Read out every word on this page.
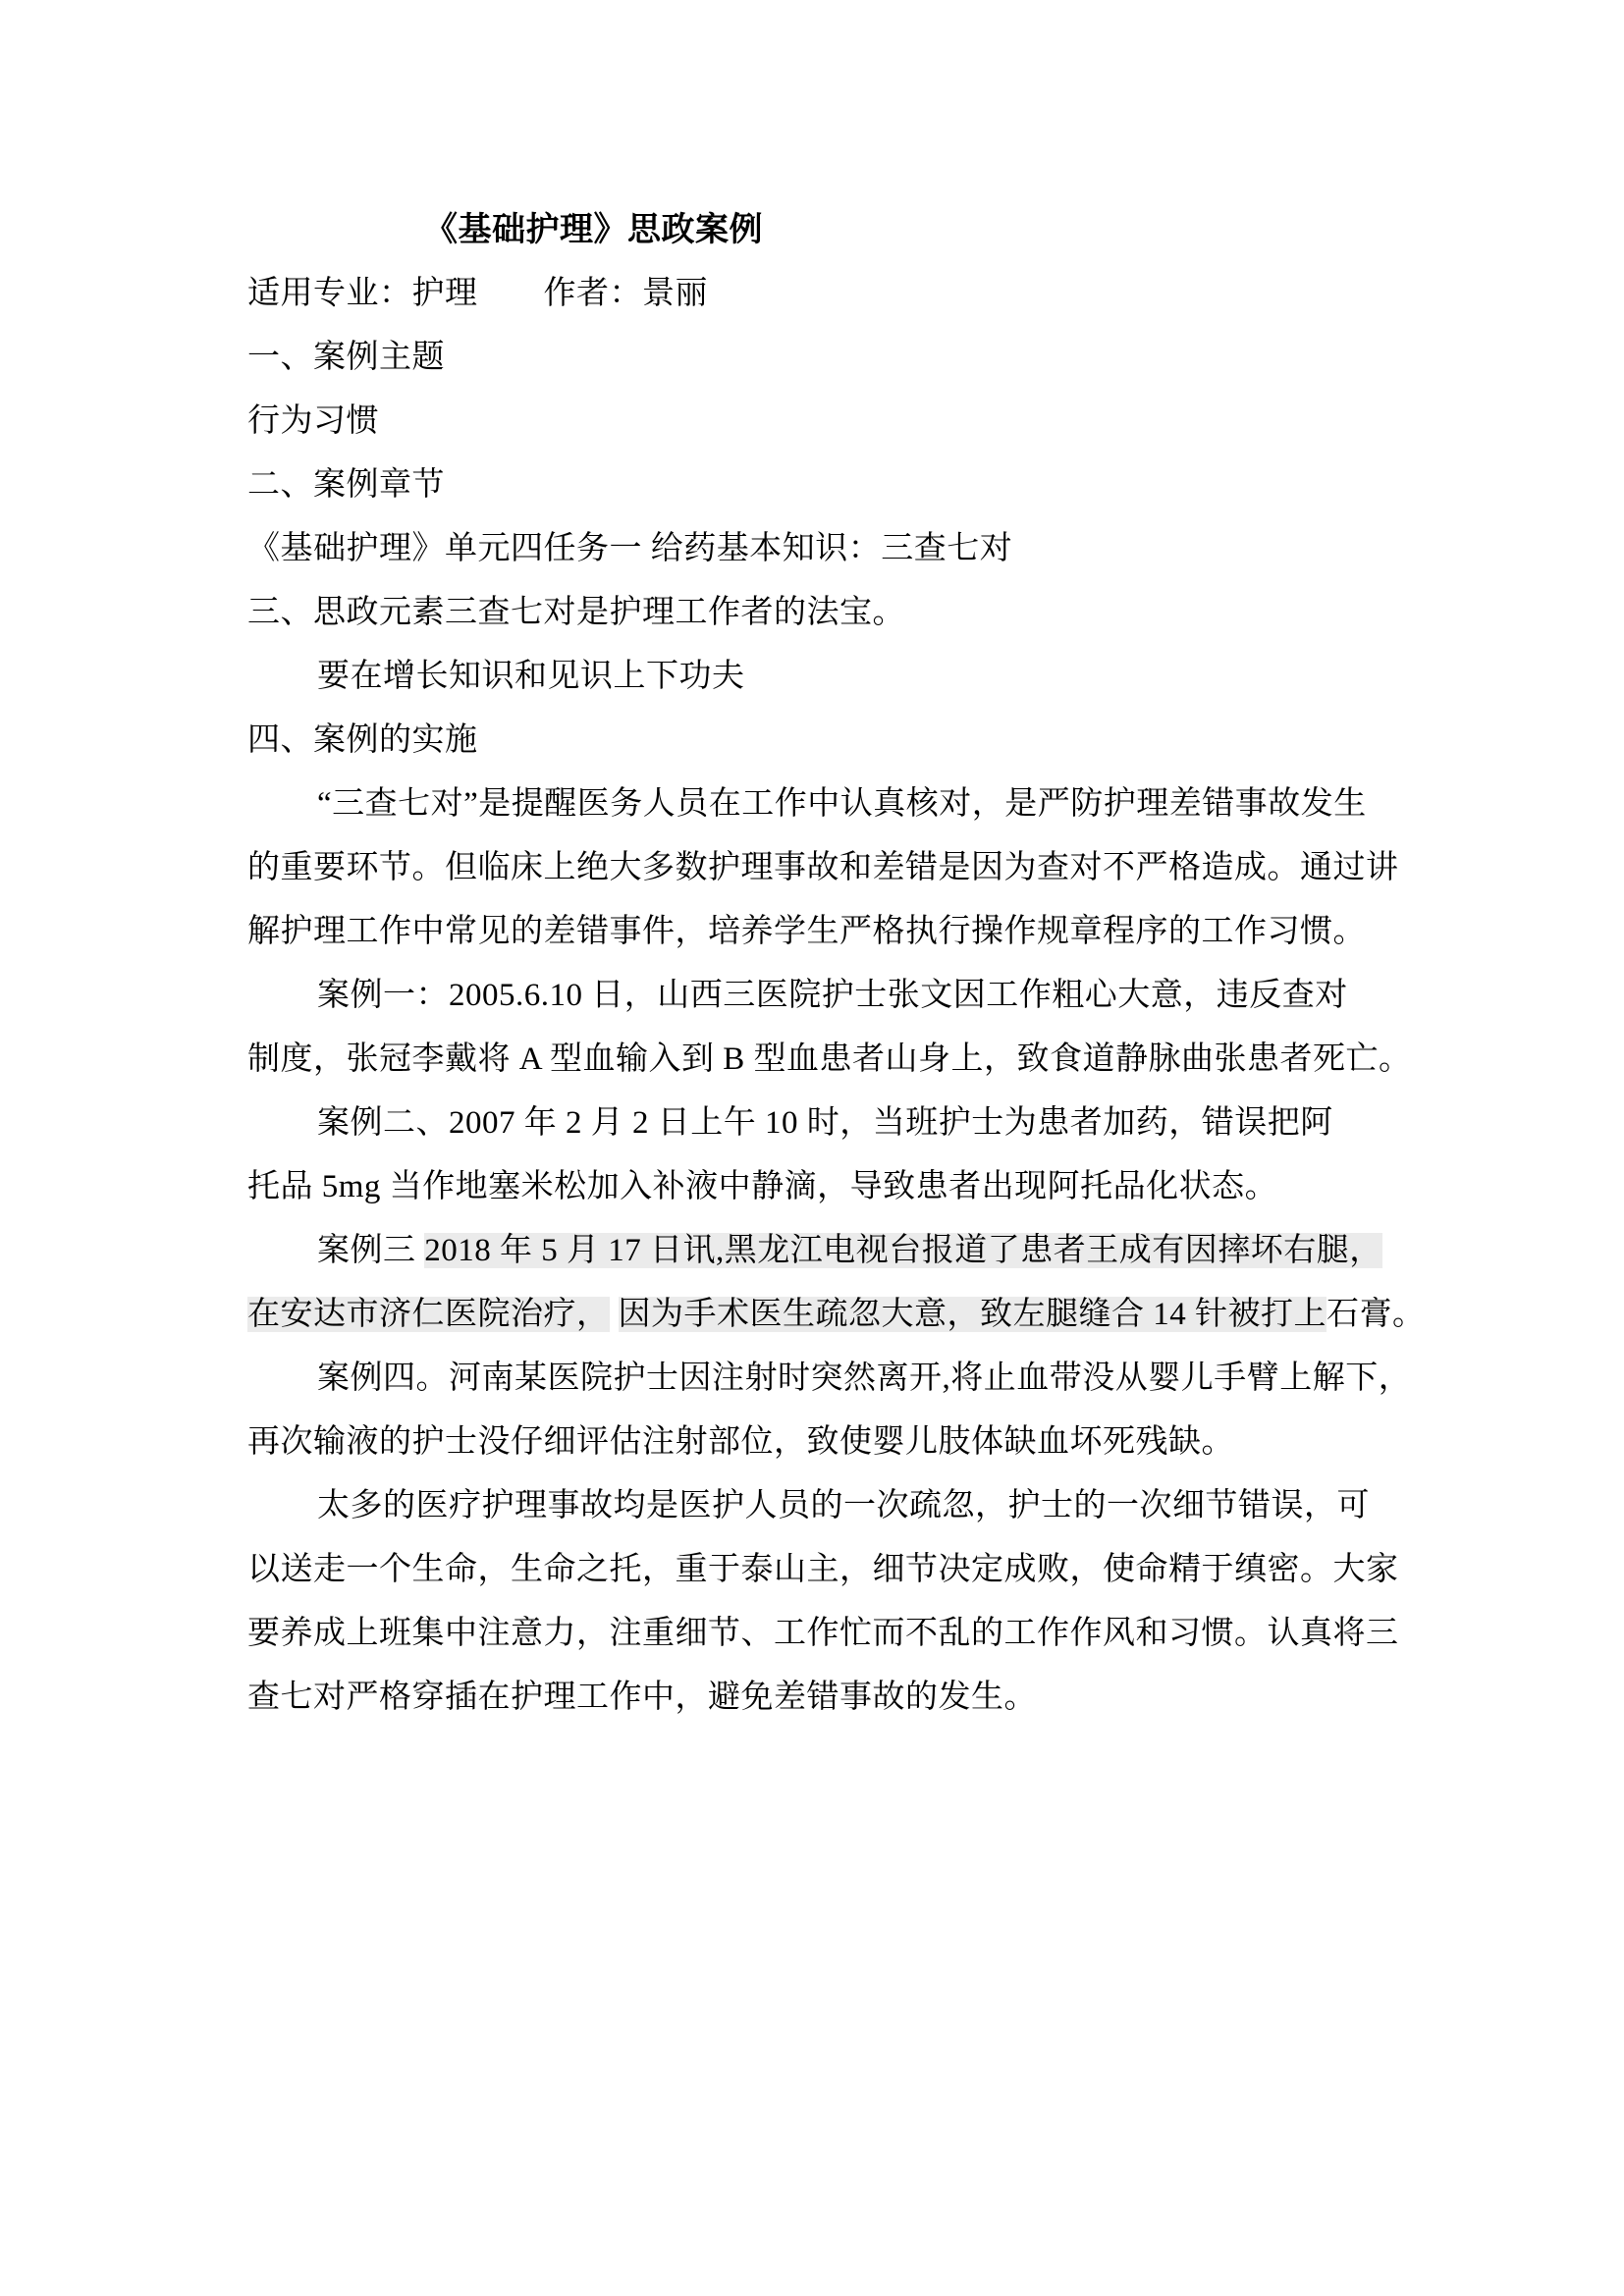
《基础护理》思政案例
适用专业：护理　　作者：景丽
一、案例主题
行为习惯
二、案例章节
《基础护理》单元四任务一 给药基本知识：三查七对
三、思政元素三查七对是护理工作者的法宝。
要在增长知识和见识上下功夫
四、案例的实施
“三查七对”是提醒医务人员在工作中认真核对，是严防护理差错事故发生
的重要环节。但临床上绝大多数护理事故和差错是因为查对不严格造成。通过讲
解护理工作中常见的差错事件，培养学生严格执行操作规章程序的工作习惯。
案例一：2005.6.10 日，山西三医院护士张文因工作粗心大意，违反查对
制度，张冠李戴将 A 型血输入到 B 型血患者山身上，致食道静脉曲张患者死亡。
案例二、2007 年 2 月 2 日上午 10 时，当班护士为患者加药，错误把阿
托品 5mg 当作地塞米松加入补液中静滴，导致患者出现阿托品化状态。
案例三 2018 年 5 月 17 日讯,黑龙江电视台报道了患者王成有因摔坏右腿，
在安达市济仁医院治疗， 因为手术医生疏忽大意，致左腿缝合 14 针被打上石膏。
案例四。河南某医院护士因注射时突然离开,将止血带没从婴儿手臂上解下，
再次输液的护士没仔细评估注射部位，致使婴儿肢体缺血坏死残缺。
太多的医疗护理事故均是医护人员的一次疏忽，护士的一次细节错误，可
以送走一个生命，生命之托，重于泰山主，细节决定成败，使命精于缜密。大家
要养成上班集中注意力，注重细节、工作忙而不乱的工作作风和习惯。认真将三
查七对严格穿插在护理工作中，避免差错事故的发生。
